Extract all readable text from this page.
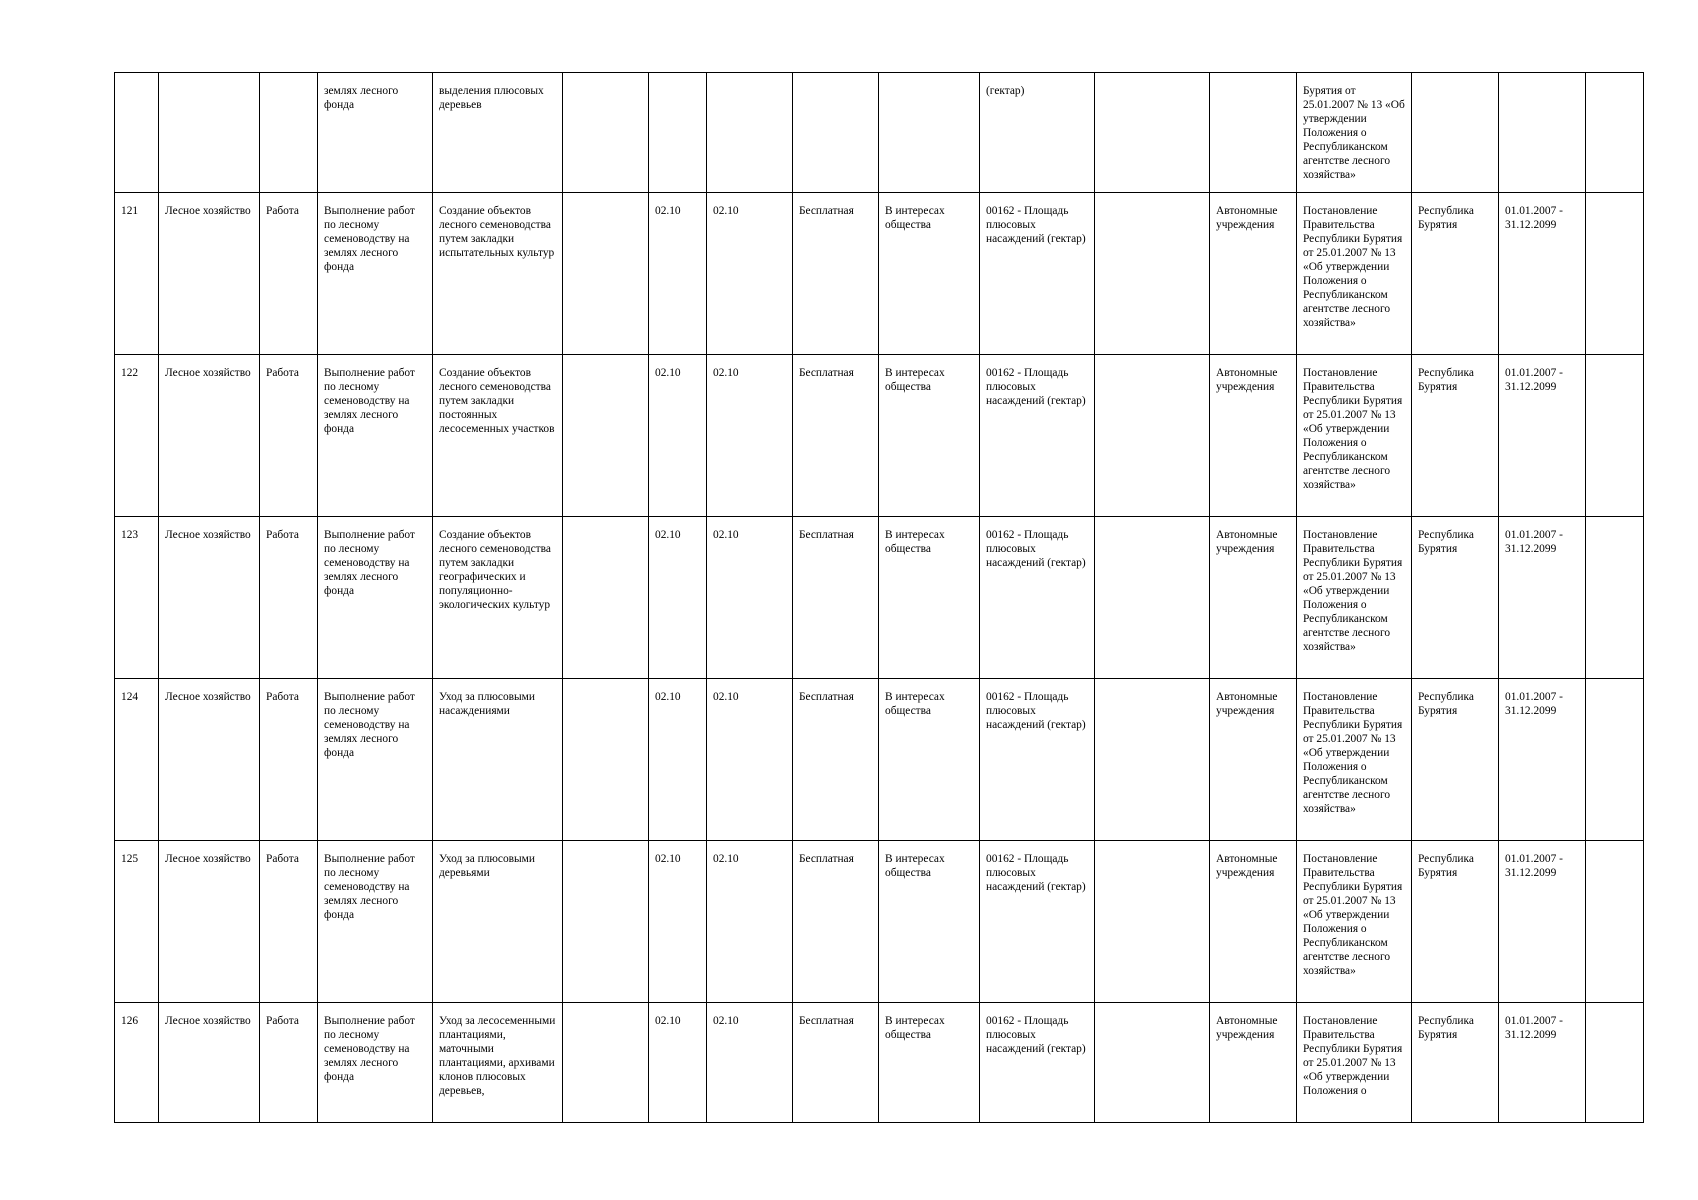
			землях лесного фонда	выделения плюсовых деревьев						(гектар)			Бурятия от 25.01.2007 № 13 «Об утверждении Положения о Республиканском агентстве лесного хозяйства»			
121	Лесное хозяйство	Работа	Выполнение работ по лесному семеноводству на землях лесного фонда	Создание объектов лесного семеноводства путем закладки испытательных культур		02.10	02.10	Бесплатная	В интересах общества	00162 - Площадь плюсовых насаждений (гектар)		Автономные учреждения	Постановление Правительства Республики Бурятия от 25.01.2007 № 13 «Об утверждении Положения о Республиканском агентстве лесного хозяйства»	Республика Бурятия	01.01.2007 - 31.12.2099	
122	Лесное хозяйство	Работа	Выполнение работ по лесному семеноводству на землях лесного фонда	Создание объектов лесного семеноводства путем закладки постоянных лесосеменных участков		02.10	02.10	Бесплатная	В интересах общества	00162 - Площадь плюсовых насаждений (гектар)		Автономные учреждения	Постановление Правительства Республики Бурятия от 25.01.2007 № 13 «Об утверждении Положения о Республиканском агентстве лесного хозяйства»	Республика Бурятия	01.01.2007 - 31.12.2099	
123	Лесное хозяйство	Работа	Выполнение работ по лесному семеноводству на землях лесного фонда	Создание объектов лесного семеноводства путем закладки географических и популяционно-экологических культур		02.10	02.10	Бесплатная	В интересах общества	00162 - Площадь плюсовых насаждений (гектар)		Автономные учреждения	Постановление Правительства Республики Бурятия от 25.01.2007 № 13 «Об утверждении Положения о Республиканском агентстве лесного хозяйства»	Республика Бурятия	01.01.2007 - 31.12.2099	
124	Лесное хозяйство	Работа	Выполнение работ по лесному семеноводству на землях лесного фонда	Уход за плюсовыми насаждениями		02.10	02.10	Бесплатная	В интересах общества	00162 - Площадь плюсовых насаждений (гектар)		Автономные учреждения	Постановление Правительства Республики Бурятия от 25.01.2007 № 13 «Об утверждении Положения о Республиканском агентстве лесного хозяйства»	Республика Бурятия	01.01.2007 - 31.12.2099	
125	Лесное хозяйство	Работа	Выполнение работ по лесному семеноводству на землях лесного фонда	Уход за плюсовыми деревьями		02.10	02.10	Бесплатная	В интересах общества	00162 - Площадь плюсовых насаждений (гектар)		Автономные учреждения	Постановление Правительства Республики Бурятия от 25.01.2007 № 13 «Об утверждении Положения о Республиканском агентстве лесного хозяйства»	Республика Бурятия	01.01.2007 - 31.12.2099	
126	Лесное хозяйство	Работа	Выполнение работ по лесному семеноводству на землях лесного фонда	Уход за лесосеменными плантациями, маточными плантациями, архивами клонов плюсовых деревьев,		02.10	02.10	Бесплатная	В интересах общества	00162 - Площадь плюсовых насаждений (гектар)		Автономные учреждения	Постановление Правительства Республики Бурятия от 25.01.2007 № 13 «Об утверждении Положения о	Республика Бурятия	01.01.2007 - 31.12.2099	
